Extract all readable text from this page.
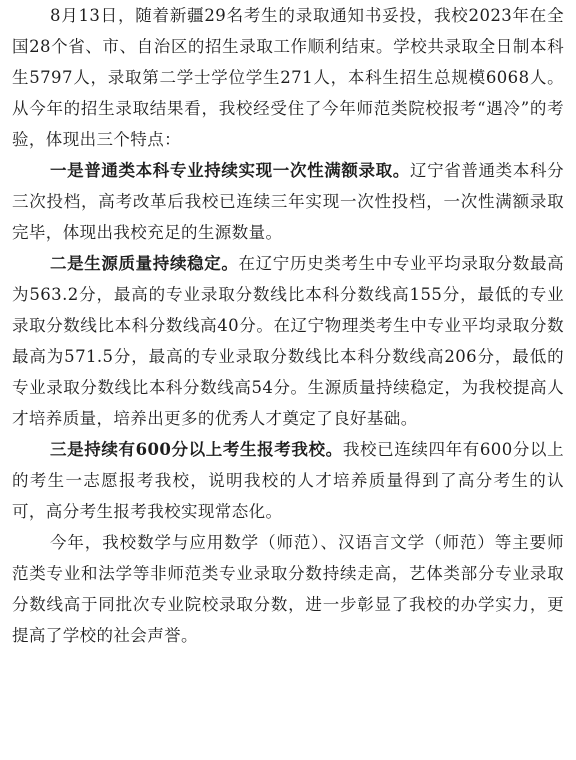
8月13日，随着新疆29名考生的录取通知书妥投，我校2023年在全国28个省、市、自治区的招生录取工作顺利结束。学校共录取全日制本科生5797人，录取第二学士学位学生271人，本科生招生总规模6068人。从今年的招生录取结果看，我校经受住了今年师范类院校报考“遇冷”的考验，体现出三个特点：

一是普通类本科专业持续实现一次性满额录取。辽宁省普通类本科分三次投档，高考改革后我校已连续三年实现一次性投档，一次性满额录取完毕，体现出我校充足的生源数量。

二是生源质量持续稳定。在辽宁历史类考生中专业平均录取分数最高为563.2分，最高的专业录取分数线比本科分数线高155分，最低的专业录取分数线比本科分数线高40分。在辽宁物理类考生中专业平均录取分数最高为571.5分，最高的专业录取分数线比本科分数线高206分，最低的专业录取分数线比本科分数线高54分。生源质量持续稳定，为我校提高人才培养质量，培养出更多的优秀人才奠定了良好基础。

三是持续有600分以上考生报考我校。我校已连续四年有600分以上的考生一志愿报考我校，说明我校的人才培养质量得到了高分考生的认可，高分考生报考我校实现常态化。

今年，我校数学与应用数学（师范）、汉语言文学（师范）等主要师范类专业和法学等非师范类专业录取分数持续走高，艺体类部分专业录取分数线高于同批次专业院校录取分数，进一步彰显了我校的办学实力，更提高了学校的社会声誉。
